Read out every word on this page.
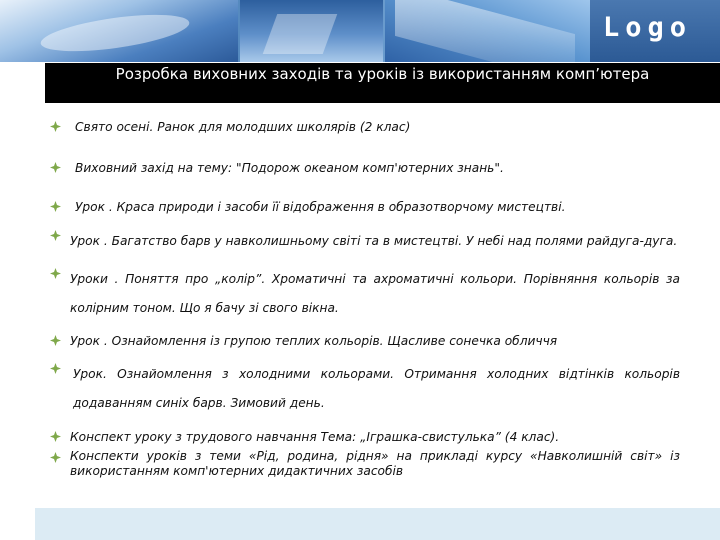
Logo
Розробка виховних заходів та уроків із використанням комп’ютера
Свято осені. Ранок для молодших школярів (2 клас)
Виховний захід на тему: "Подорож океаном комп'ютерних знань".
Урок . Краса природи і засоби її відображення в образотворчому мистецтві.
Урок . Багатство барв у навколишньому світі та в мистецтві. У небі над полями райдуга-дуга.
Уроки . Поняття про „колір”. Хроматичні та ахроматичні кольори. Порівняння кольорів за колірним тоном. Що я бачу зі свого вікна.
Урок . Ознайомлення із групою теплих кольорів. Щасливе сонечка обличчя
Урок. Ознайомлення з холодними кольорами. Отримання холодних відтінків кольорів додаванням синіх барв. Зимовий день.
Конспект уроку з трудового навчання Тема: „Іграшка-свистулька” (4 клас).
Конспекти уроків з теми «Рід, родина, рідня» на прикладі курсу «Навколишній світ» із використанням комп'ютерних дидактичних засобів
